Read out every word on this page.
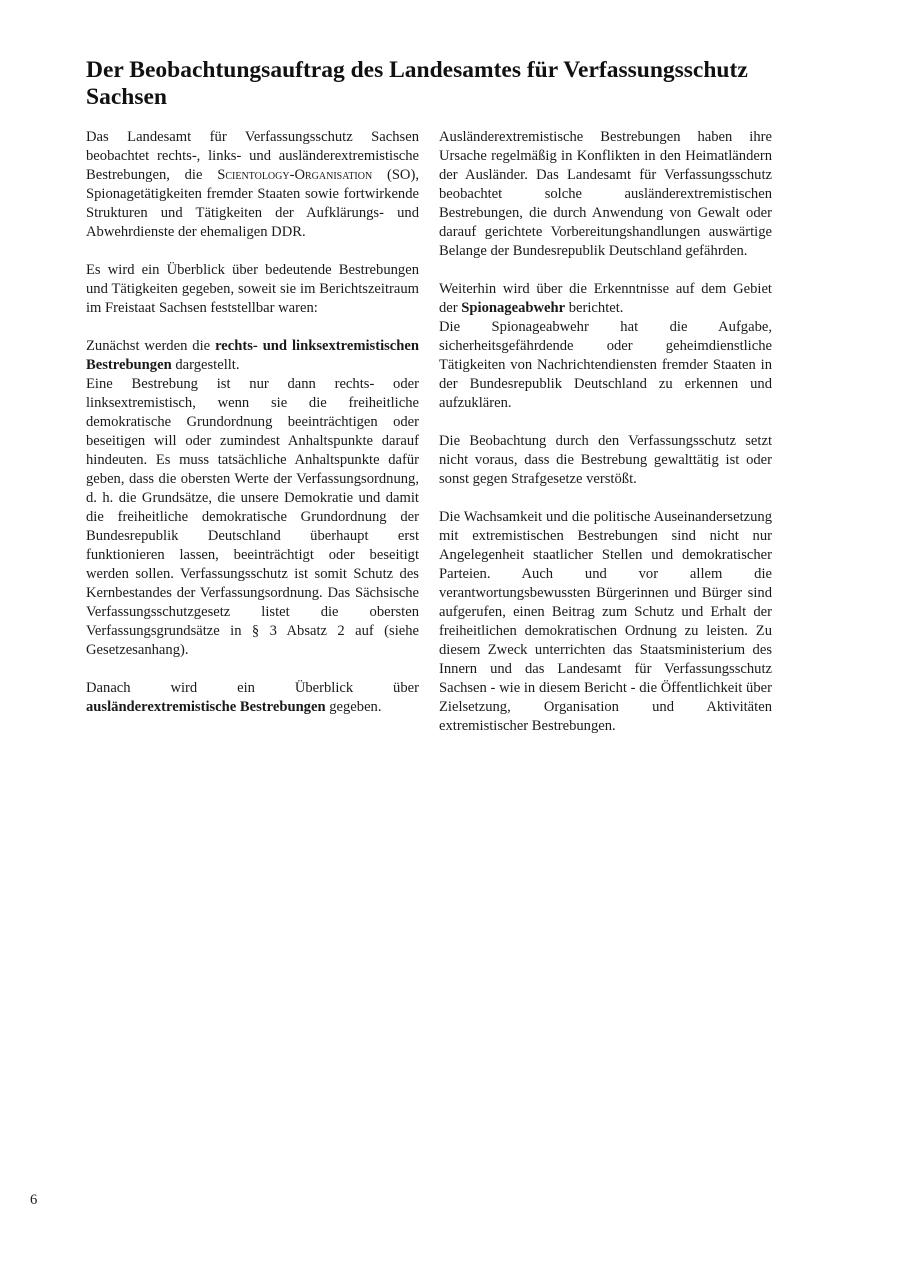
Der Beobachtungsauftrag des Landesamtes für Verfassungsschutz Sachsen

Das Landesamt für Verfassungsschutz Sachsen beobachtet rechts-, links- und ausländerextremistische Bestrebungen, die Scientology-Organisation (SO), Spionagetätigkeiten fremder Staaten sowie fortwirkende Strukturen und Tätigkeiten der Aufklärungs- und Abwehrdienste der ehemaligen DDR.

Es wird ein Überblick über bedeutende Bestrebungen und Tätigkeiten gegeben, soweit sie im Berichtszeitraum im Freistaat Sachsen feststellbar waren:

Zunächst werden die rechts- und linksextremistischen Bestrebungen dargestellt.

Eine Bestrebung ist nur dann rechts- oder linksextremistisch, wenn sie die freiheitliche demokratische Grundordnung beeinträchtigen oder beseitigen will oder zumindest Anhaltspunkte darauf hindeuten. Es muss tatsächliche Anhaltspunkte dafür geben, dass die obersten Werte der Verfassungsordnung, d. h. die Grundsätze, die unsere Demokratie und damit die freiheitliche demokratische Grundordnung der Bundesrepublik Deutschland überhaupt erst funktionieren lassen, beeinträchtigt oder beseitigt werden sollen. Verfassungsschutz ist somit Schutz des Kernbestandes der Verfassungsordnung. Das Sächsische Verfassungsschutzgesetz listet die obersten Verfassungsgrundsätze in § 3 Absatz 2 auf (siehe Gesetzesanhang).

Danach wird ein Überblick über ausländerextremistische Bestrebungen gegeben.

Ausländerextremistische Bestrebungen haben ihre Ursache regelmäßig in Konflikten in den Heimatländern der Ausländer. Das Landesamt für Verfassungsschutz beobachtet solche ausländerextremistischen Bestrebungen, die durch Anwendung von Gewalt oder darauf gerichtete Vorbereitungshandlungen auswärtige Belange der Bundesrepublik Deutschland gefährden.

Weiterhin wird über die Erkenntnisse auf dem Gebiet der Spionageabwehr berichtet.

Die Spionageabwehr hat die Aufgabe, sicherheitsgefährdende oder geheimdienstliche Tätigkeiten von Nachrichtendiensten fremder Staaten in der Bundesrepublik Deutschland zu erkennen und aufzuklären.

Die Beobachtung durch den Verfassungsschutz setzt nicht voraus, dass die Bestrebung gewalttätig ist oder sonst gegen Strafgesetze verstößt.

Die Wachsamkeit und die politische Auseinandersetzung mit extremistischen Bestrebungen sind nicht nur Angelegenheit staatlicher Stellen und demokratischer Parteien. Auch und vor allem die verantwortungsbewussten Bürgerinnen und Bürger sind aufgerufen, einen Beitrag zum Schutz und Erhalt der freiheitlichen demokratischen Ordnung zu leisten. Zu diesem Zweck unterrichten das Staatsministerium des Innern und das Landesamt für Verfassungsschutz Sachsen - wie in diesem Bericht - die Öffentlichkeit über Zielsetzung, Organisation und Aktivitäten extremistischer Bestrebungen.

6
